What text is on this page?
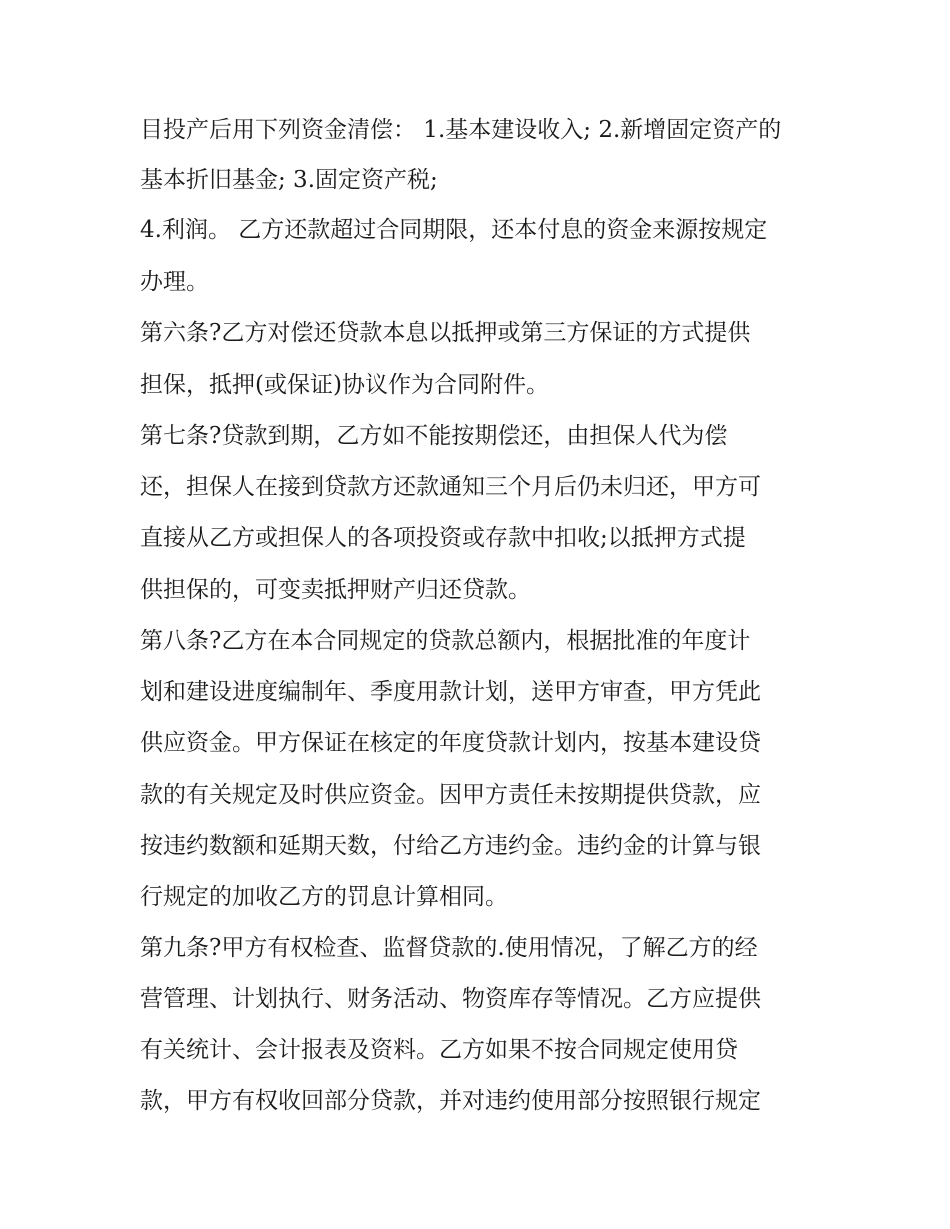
目投产后用下列资金清偿： 1.基本建设收入; 2.新增固定资产的
基本折旧基金; 3.固定资产税;
4.利润。 乙方还款超过合同期限，还本付息的资金来源按规定
办理。
第六条?乙方对偿还贷款本息以抵押或第三方保证的方式提供
担保，抵押(或保证)协议作为合同附件。
第七条?贷款到期，乙方如不能按期偿还，由担保人代为偿
还，担保人在接到贷款方还款通知三个月后仍未归还，甲方可
直接从乙方或担保人的各项投资或存款中扣收;以抵押方式提
供担保的，可变卖抵押财产归还贷款。
第八条?乙方在本合同规定的贷款总额内，根据批准的年度计
划和建设进度编制年、季度用款计划，送甲方审查，甲方凭此
供应资金。甲方保证在核定的年度贷款计划内，按基本建设贷
款的有关规定及时供应资金。因甲方责任未按期提供贷款，应
按违约数额和延期天数，付给乙方违约金。违约金的计算与银
行规定的加收乙方的罚息计算相同。
第九条?甲方有权检查、监督贷款的.使用情况，了解乙方的经
营管理、计划执行、财务活动、物资库存等情况。乙方应提供
有关统计、会计报表及资料。乙方如果不按合同规定使用贷
款，甲方有权收回部分贷款，并对违约使用部分按照银行规定
